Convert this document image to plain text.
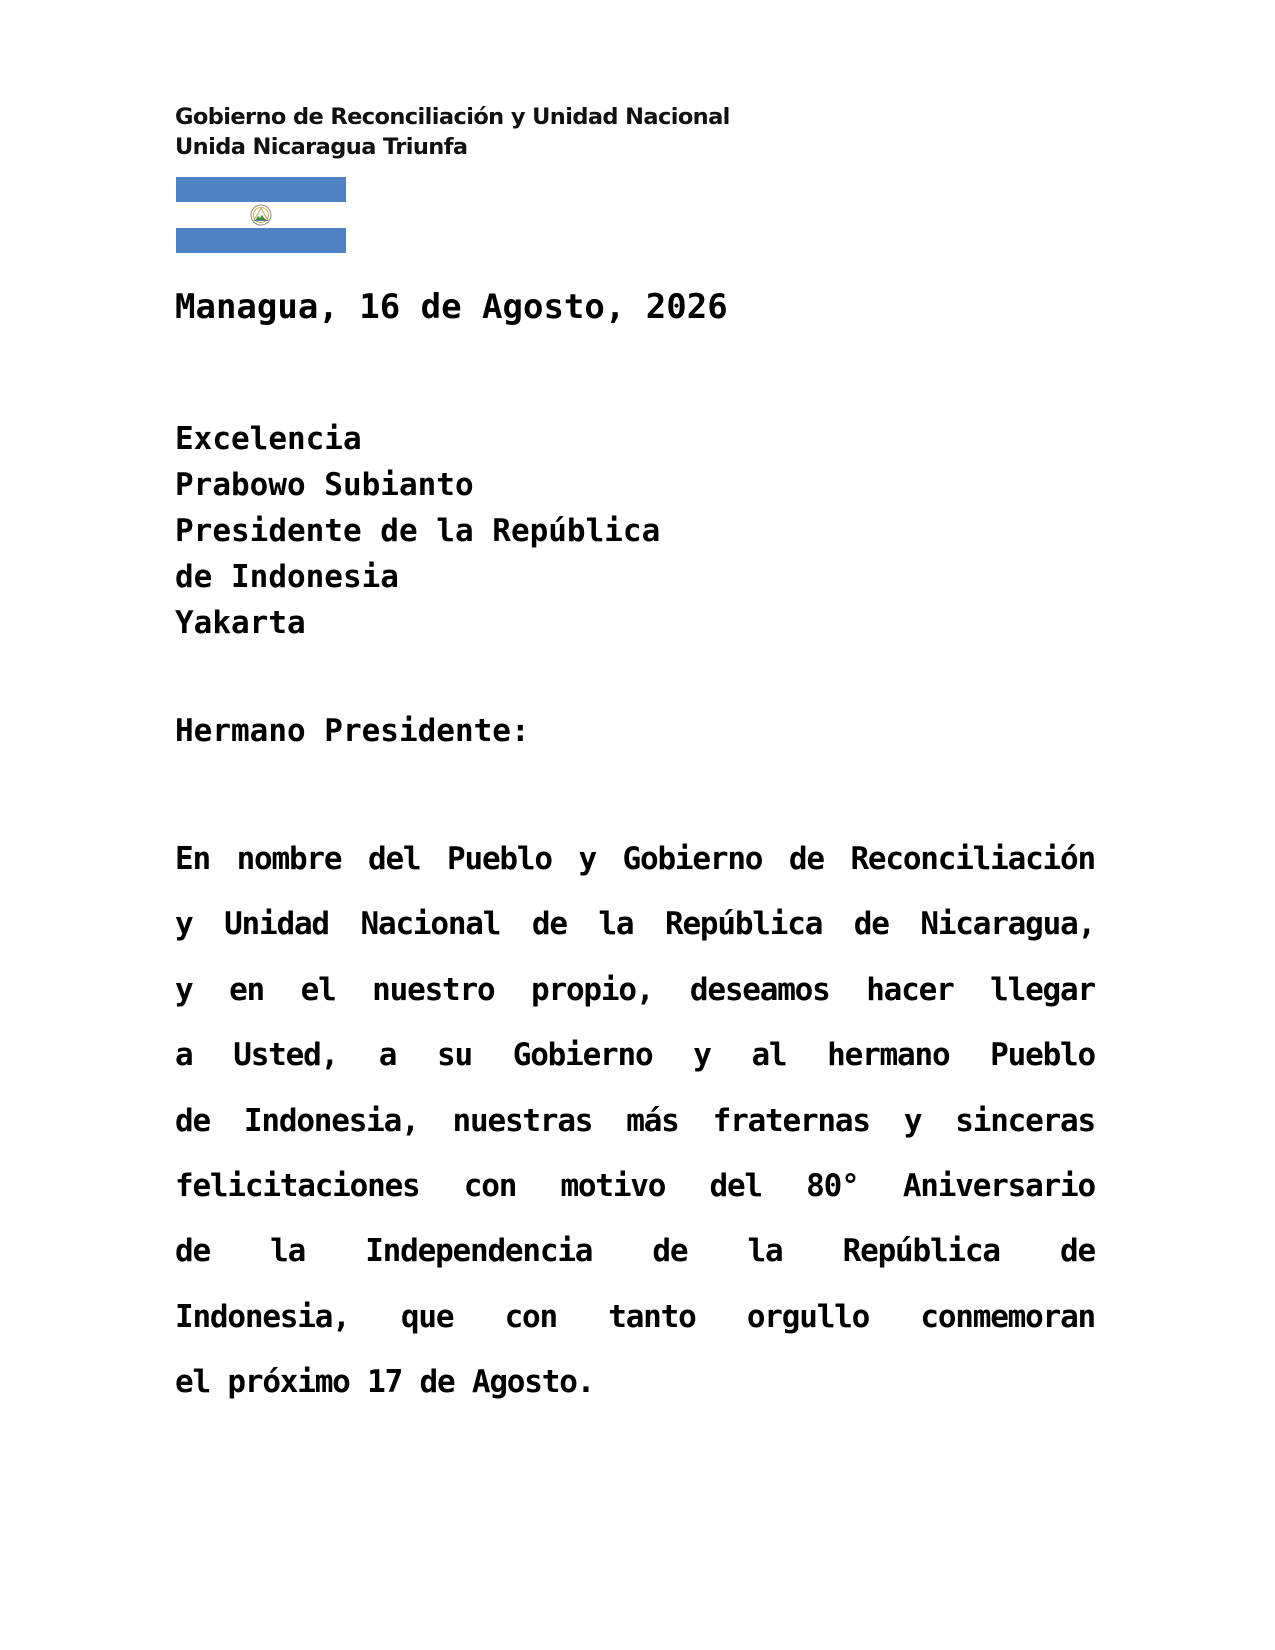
Gobierno de Reconciliación y Unidad Nacional
Unida Nicaragua Triunfa
Managua, 16 de Agosto, 2026
Excelencia
Prabowo Subianto
Presidente de la República
de Indonesia
Yakarta
Hermano Presidente:
En nombre del Pueblo y Gobierno de Reconciliación
y Unidad Nacional de la República de Nicaragua,
y en el nuestro propio, deseamos hacer llegar
a Usted, a su Gobierno y al hermano Pueblo
de Indonesia, nuestras más fraternas y sinceras
felicitaciones con motivo del 80° Aniversario
de la Independencia de la República de
Indonesia, que con tanto orgullo conmemoran
el próximo 17 de Agosto.
